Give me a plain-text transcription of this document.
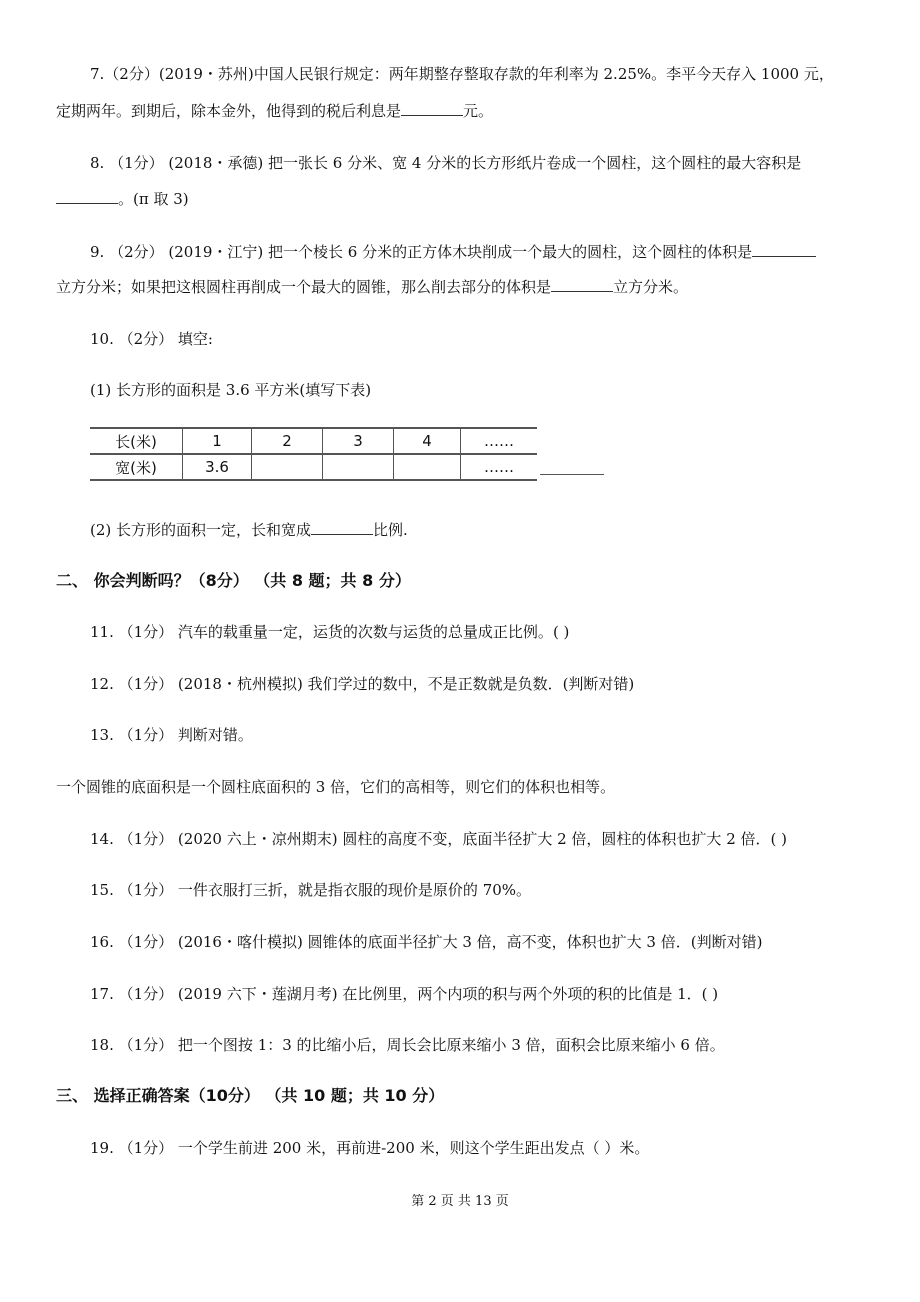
7.（2分）(2019・苏州)中国人民银行规定：两年期整存整取存款的年利率为 2.25%。李平今天存入 1000 元，
定期两年。到期后，除本金外，他得到的税后利息是	元。
8. （1分） (2018・承德) 把一张长 6 分米、宽 4 分米的长方形纸片卷成一个圆柱，这个圆柱的最大容积是
。(π 取 3)
9. （2分） (2019・江宁) 把一个棱长 6 分米的正方体木块削成一个最大的圆柱，这个圆柱的体积是
立方分米；如果把这根圆柱再削成一个最大的圆锥，那么削去部分的体积是	立方分米。
10. （2分） 填空:
(1) 长方形的面积是 3.6 平方米(填写下表)
长(米)	1	2	3	4	……
宽(米)	3.6				……
(2) 长方形的面积一定，长和宽成	比例.
二、 你会判断吗？（8分） （共 8 题；共 8 分）
11. （1分） 汽车的载重量一定，运货的次数与运货的总量成正比例。( )
12. （1分） (2018・杭州模拟) 我们学过的数中，不是正数就是负数．(判断对错)
13. （1分） 判断对错。
一个圆锥的底面积是一个圆柱底面积的 3 倍，它们的高相等，则它们的体积也相等。
14. （1分） (2020 六上・凉州期末) 圆柱的高度不变，底面半径扩大 2 倍，圆柱的体积也扩大 2 倍．( )
15. （1分） 一件衣服打三折，就是指衣服的现价是原价的 70%。
16. （1分） (2016・喀什模拟) 圆锥体的底面半径扩大 3 倍，高不变，体积也扩大 3 倍．(判断对错)
17. （1分） (2019 六下・莲湖月考) 在比例里，两个内项的积与两个外项的积的比值是 1．( )
18. （1分） 把一个图按 1：3 的比缩小后，周长会比原来缩小 3 倍，面积会比原来缩小 6 倍。
三、 选择正确答案（10分） （共 10 题；共 10 分）
19. （1分） 一个学生前进 200 米，再前进-200 米，则这个学生距出发点（ ）米。
第 2 页 共 13 页
